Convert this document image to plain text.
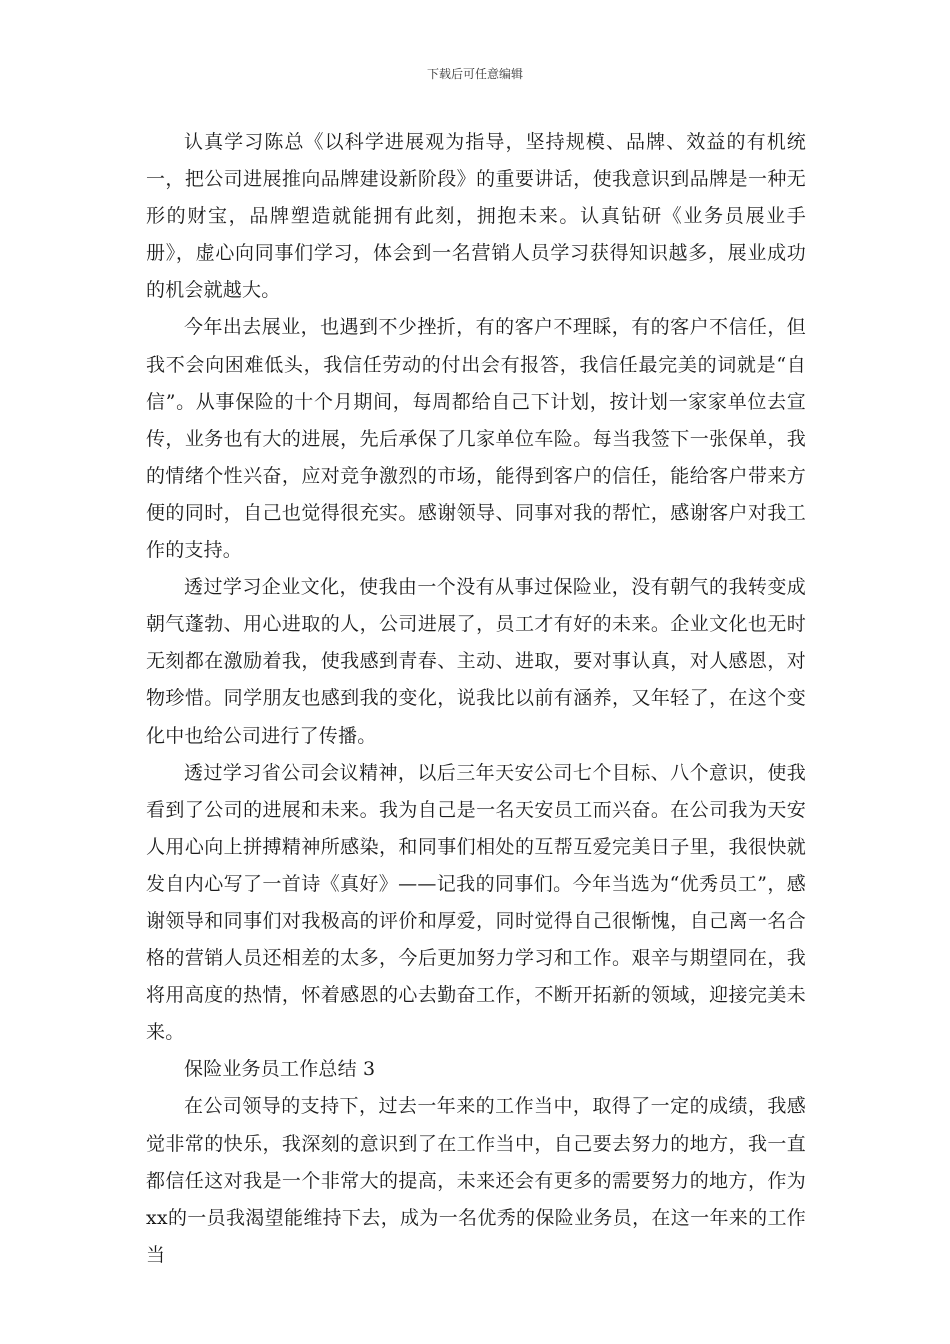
下载后可任意编辑

认真学习陈总《以科学进展观为指导，坚持规模、品牌、效益的有机统一，把公司进展推向品牌建设新阶段》的重要讲话，使我意识到品牌是一种无形的财宝，品牌塑造就能拥有此刻，拥抱未来。认真钻研《业务员展业手册》，虚心向同事们学习，体会到一名营销人员学习获得知识越多，展业成功的机会就越大。

今年出去展业，也遇到不少挫折，有的客户不理睬，有的客户不信任，但我不会向困难低头，我信任劳动的付出会有报答，我信任最完美的词就是“自信”。从事保险的十个月期间，每周都给自己下计划，按计划一家家单位去宣传，业务也有大的进展，先后承保了几家单位车险。每当我签下一张保单，我的情绪个性兴奋，应对竞争激烈的市场，能得到客户的信任，能给客户带来方便的同时，自己也觉得很充实。感谢领导、同事对我的帮忙，感谢客户对我工作的支持。

透过学习企业文化，使我由一个没有从事过保险业，没有朝气的我转变成朝气蓬勃、用心进取的人，公司进展了，员工才有好的未来。企业文化也无时无刻都在激励着我，使我感到青春、主动、进取，要对事认真，对人感恩，对物珍惜。同学朋友也感到我的变化，说我比以前有涵养，又年轻了，在这个变化中也给公司进行了传播。

透过学习省公司会议精神，以后三年天安公司七个目标、八个意识，使我看到了公司的进展和未来。我为自己是一名天安员工而兴奋。在公司我为天安人用心向上拼搏精神所感染，和同事们相处的互帮互爱完美日子里，我很快就发自内心写了一首诗《真好》——记我的同事们。今年当选为“优秀员工”，感谢领导和同事们对我极高的评价和厚爱，同时觉得自己很惭愧，自己离一名合格的营销人员还相差的太多，今后更加努力学习和工作。艰辛与期望同在，我将用高度的热情，怀着感恩的心去勤奋工作，不断开拓新的领域，迎接完美未来。

保险业务员工作总结 3

在公司领导的支持下，过去一年来的工作当中，取得了一定的成绩，我感觉非常的快乐，我深刻的意识到了在工作当中，自己要去努力的地方，我一直都信任这对我是一个非常大的提高，未来还会有更多的需要努力的地方，作为 xx的一员我渴望能维持下去，成为一名优秀的保险业务员，在这一年来的工作当
